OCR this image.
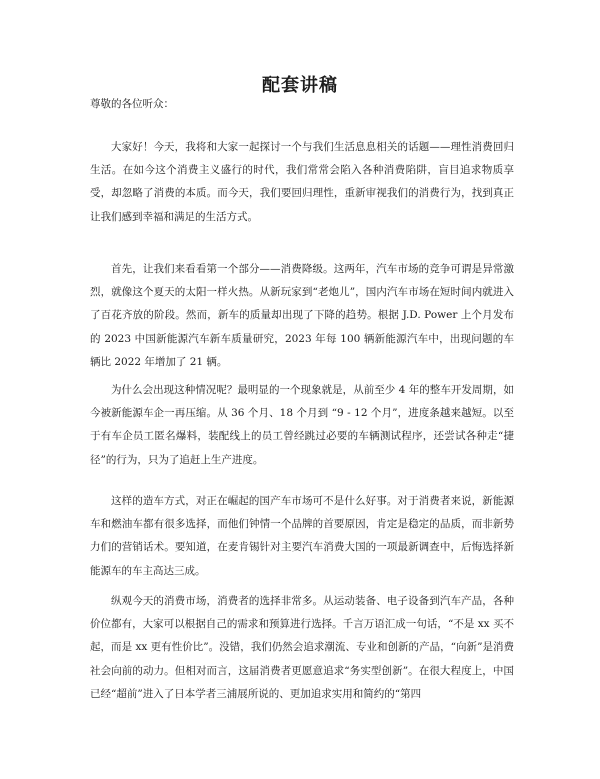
配套讲稿

尊敬的各位听众：

大家好！今天，我将和大家一起探讨一个与我们生活息息相关的话题——理性消费回归生活。在如今这个消费主义盛行的时代，我们常常会陷入各种消费陷阱，盲目追求物质享受，却忽略了消费的本质。而今天，我们要回归理性，重新审视我们的消费行为，找到真正让我们感到幸福和满足的生活方式。

首先，让我们来看看第一个部分——消费降级。这两年，汽车市场的竞争可谓是异常激烈，就像这个夏天的太阳一样火热。从新玩家到“老炮儿”，国内汽车市场在短时间内就进入了百花齐放的阶段。然而，新车的质量却出现了下降的趋势。根据 J.D. Power 上个月发布的 2023 中国新能源汽车新车质量研究，2023 年每 100 辆新能源汽车中，出现问题的车辆比 2022 年增加了 21 辆。

为什么会出现这种情况呢？最明显的一个现象就是，从前至少 4 年的整车开发周期，如今被新能源车企一再压缩。从 36 个月、18 个月到 “9 - 12 个月”，进度条越来越短。以至于有车企员工匿名爆料，装配线上的员工曾经跳过必要的车辆测试程序，还尝试各种走“捷径”的行为，只为了追赶上生产进度。

这样的造车方式，对正在崛起的国产车市场可不是什么好事。对于消费者来说，新能源车和燃油车都有很多选择，而他们钟情一个品牌的首要原因，肯定是稳定的品质，而非新势力们的营销话术。要知道，在麦肯锡针对主要汽车消费大国的一项最新调查中，后悔选择新能源车的车主高达三成。

纵观今天的消费市场，消费者的选择非常多。从运动装备、电子设备到汽车产品，各种价位都有，大家可以根据自己的需求和预算进行选择。千言万语汇成一句话，“不是 xx 买不起，而是 xx 更有性价比”。没错，我们仍然会追求潮流、专业和创新的产品，“向新”是消费社会向前的动力。但相对而言，这届消费者更愿意追求“务实型创新”。在很大程度上，中国已经“超前”进入了日本学者三浦展所说的、更加追求实用和简约的“第四
